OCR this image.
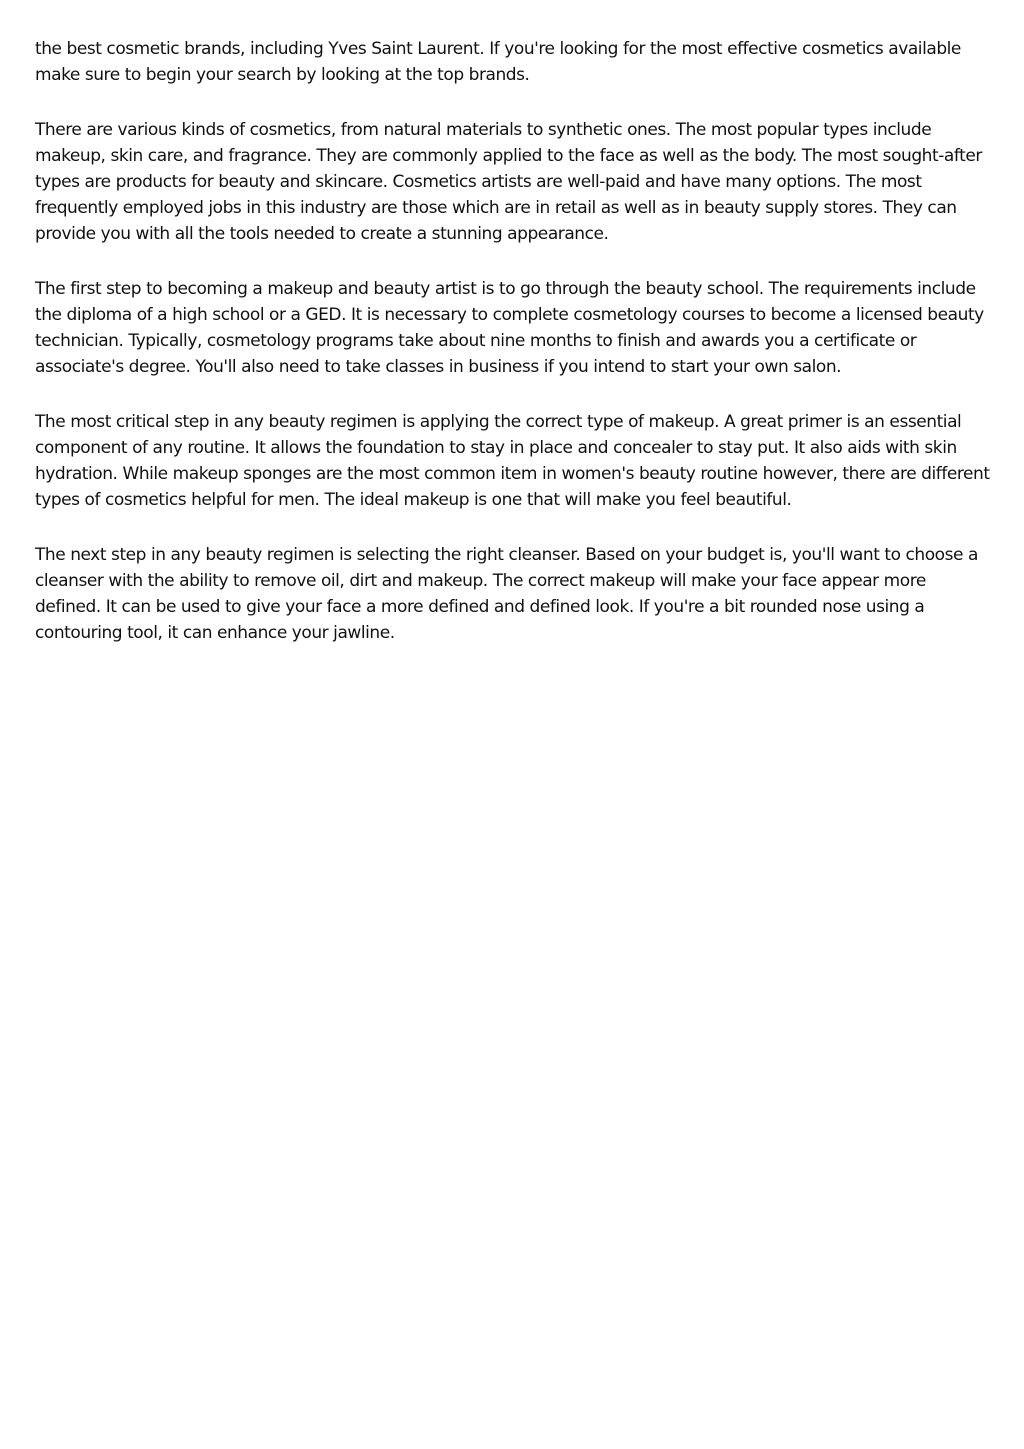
the best cosmetic brands, including Yves Saint Laurent. If you're looking for the most effective cosmetics available make sure to begin your search by looking at the top brands.

There are various kinds of cosmetics, from natural materials to synthetic ones. The most popular types include makeup, skin care, and fragrance. They are commonly applied to the face as well as the body. The most sought-after types are products for beauty and skincare. Cosmetics artists are well-paid and have many options. The most frequently employed jobs in this industry are those which are in retail as well as in beauty supply stores. They can provide you with all the tools needed to create a stunning appearance.

The first step to becoming a makeup and beauty artist is to go through the beauty school. The requirements include the diploma of a high school or a GED. It is necessary to complete cosmetology courses to become a licensed beauty technician. Typically, cosmetology programs take about nine months to finish and awards you a certificate or associate's degree. You'll also need to take classes in business if you intend to start your own salon.

The most critical step in any beauty regimen is applying the correct type of makeup. A great primer is an essential component of any routine. It allows the foundation to stay in place and concealer to stay put. It also aids with skin hydration. While makeup sponges are the most common item in women's beauty routine however, there are different types of cosmetics helpful for men. The ideal makeup is one that will make you feel beautiful.

The next step in any beauty regimen is selecting the right cleanser. Based on your budget is, you'll want to choose a cleanser with the ability to remove oil, dirt and makeup. The correct makeup will make your face appear more defined. It can be used to give your face a more defined and defined look. If you're a bit rounded nose using a contouring tool, it can enhance your jawline.
